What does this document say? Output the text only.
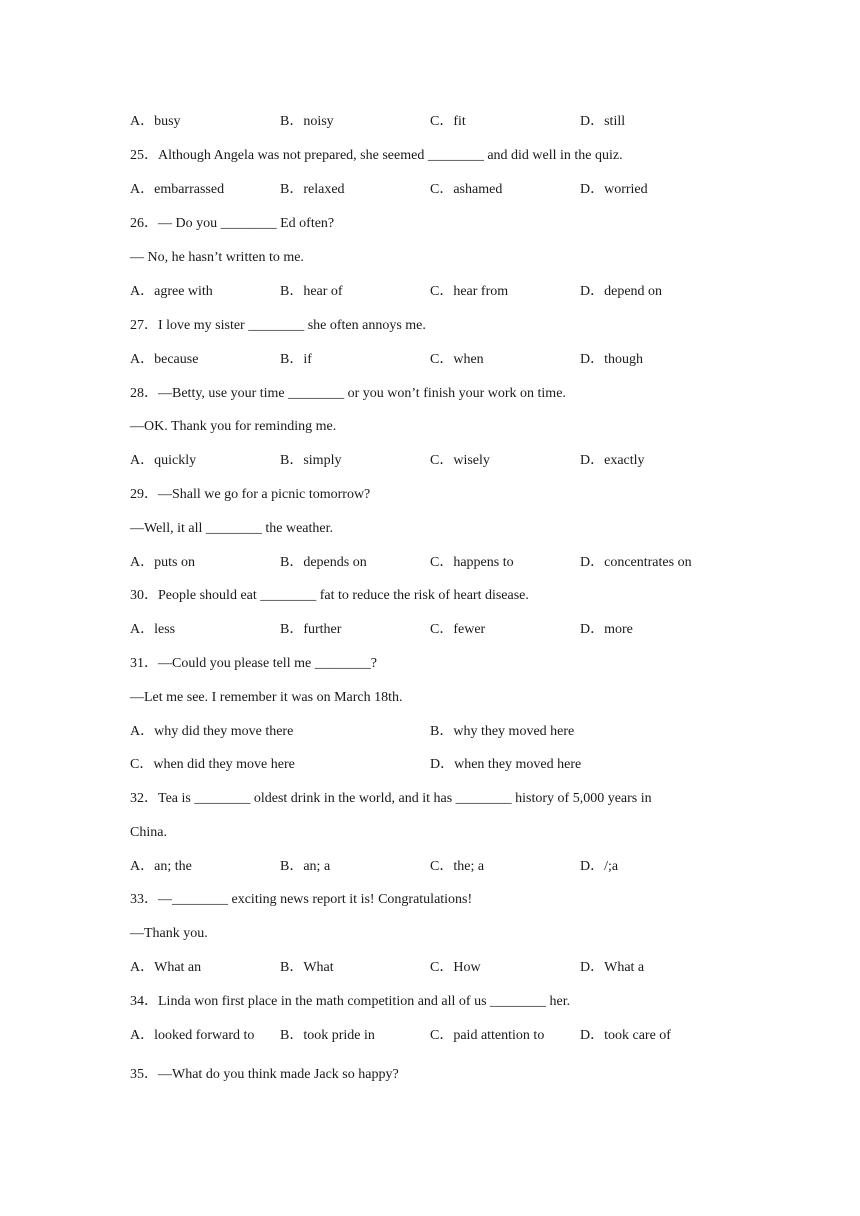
A．busy	B．noisy	C．fit	D．still
25．Although Angela was not prepared, she seemed ________ and did well in the quiz.
A．embarrassed	B．relaxed	C．ashamed	D．worried
26．— Do you ________ Ed often?
— No, he hasn’t written to me.
A．agree with	B．hear of	C．hear from	D．depend on
27．I love my sister ________ she often annoys me.
A．because	B．if	C．when	D．though
28．—Betty, use your time ________ or you won’t finish your work on time.
—OK. Thank you for reminding me.
A．quickly	B．simply	C．wisely	D．exactly
29．—Shall we go for a picnic tomorrow?
—Well, it all ________ the weather.
A．puts on	B．depends on	C．happens to	D．concentrates on
30．People should eat ________ fat to reduce the risk of heart disease.
A．less	B．further	C．fewer	D．more
31．—Could you please tell me ________?
—Let me see. I remember it was on March 18th.
A．why did they move there	B．why they moved here
C．when did they move here	D．when they moved here
32．Tea is ________ oldest drink in the world, and it has ________ history of 5,000 years in
China.
A．an; the	B．an; a	C．the; a	D．/;a
33．—________ exciting news report it is! Congratulations!
—Thank you.
A．What an	B．What	C．How	D．What a
34．Linda won first place in the math competition and all of us ________ her.
A．looked forward to B．took pride in	C．paid attention to	D．took care of
35．—What do you think made Jack so happy?
